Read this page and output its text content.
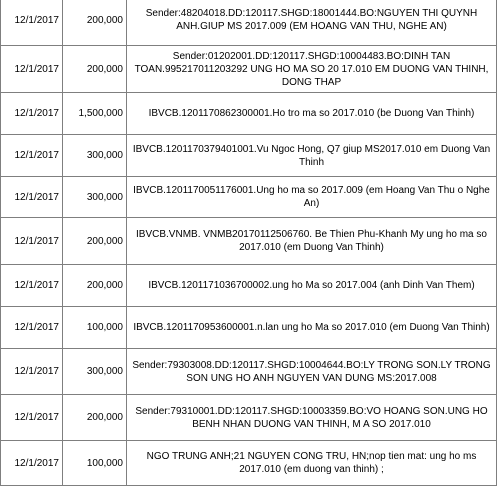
12/1/2017	200,000	Sender:48204018.DD:120117.SHGD:18001444.BO:NGUYEN THI QUYNH ANH.GIUP MS 2017.009 (EM HOANG VAN THU, NGHE AN)
12/1/2017	200,000	Sender:01202001.DD:120117.SHGD:10004483.BO:DINH TAN TOAN.995217011203292 UNG HO MA SO 20 17.010 EM DUONG VAN THINH, DONG THAP
12/1/2017	1,500,000	IBVCB.1201170862300001.Ho tro ma so 2017.010 (be Duong Van Thinh)
12/1/2017	300,000	IBVCB.1201170379401001.Vu Ngoc Hong, Q7 giup MS2017.010 em Duong Van Thinh
12/1/2017	300,000	IBVCB.1201170051176001.Ung ho ma so 2017.009 (em Hoang Van Thu o Nghe An)
12/1/2017	200,000	IBVCB.VNMB. VNMB20170112506760. Be Thien Phu-Khanh My ung ho ma so 2017.010 (em Duong Van Thinh)
12/1/2017	200,000	IBVCB.1201171036700002.ung ho Ma so 2017.004 (anh Dinh Van Them)
12/1/2017	100,000	IBVCB.1201170953600001.n.lan ung ho Ma so 2017.010 (em Duong Van Thinh)
12/1/2017	300,000	Sender:79303008.DD:120117.SHGD:10004644.BO:LY TRONG SON.LY TRONG SON UNG HO ANH NGUYEN VAN DUNG MS:2017.008
12/1/2017	200,000	Sender:79310001.DD:120117.SHGD:10003359.BO:VO HOANG SON.UNG HO BENH NHAN DUONG VAN THINH, M A SO 2017.010
12/1/2017	100,000	NGO TRUNG ANH;21 NGUYEN CONG TRU, HN;nop tien mat: ung ho ms 2017.010 (em duong van thinh) ;
